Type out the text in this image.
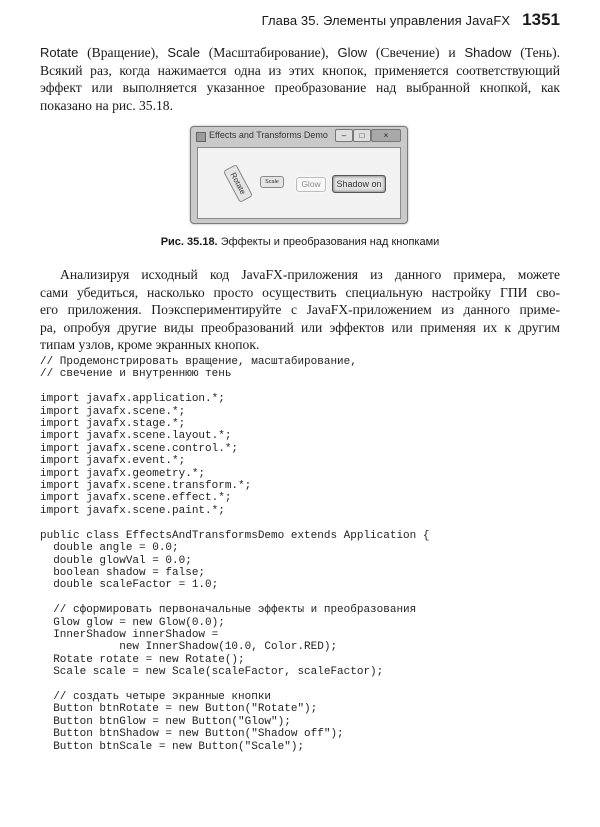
Глава 35. Элементы управления JavaFX 1351

Rotate (Вращение), Scale (Масштабирование), Glow (Свечение) и Shadow (Тень).
Всякий раз, когда нажимается одна из этих кнопок, применяется соответствующий
эффект или выполняется указанное преобразование над выбранной кнопкой, как
показано на рис. 35.18.

Effects and Transforms Demo	–	□	×
Rotate	Scale	Glow	Shadow on
Рис. 35.18. Эффекты и преобразования над кнопками

Анализируя исходный код JavaFX-приложения из данного примера, можете
сами убедиться, насколько просто осуществить специальную настройку ГПИ сво-
его приложения. Поэкспериментируйте с JavaFX-приложением из данного приме-
ра, опробуя другие виды преобразований или эффектов или применяя их к другим
типам узлов, кроме экранных кнопок.

// Продемонстрировать вращение, масштабирование,
// свечение и внутреннюю тень

import javafx.application.*;
import javafx.scene.*;
import javafx.stage.*;
import javafx.scene.layout.*;
import javafx.scene.control.*;
import javafx.event.*;
import javafx.geometry.*;
import javafx.scene.transform.*;
import javafx.scene.effect.*;
import javafx.scene.paint.*;

public class EffectsAndTransformsDemo extends Application {
double angle = 0.0;
double glowVal = 0.0;
boolean shadow = false;
double scaleFactor = 1.0;

// сформировать первоначальные эффекты и преобразования
Glow glow = new Glow(0.0);
InnerShadow innerShadow =
new InnerShadow(10.0, Color.RED);
Rotate rotate = new Rotate();
Scale scale = new Scale(scaleFactor, scaleFactor);

// создать четыре экранные кнопки
Button btnRotate = new Button("Rotate");
Button btnGlow = new Button("Glow");
Button btnShadow = new Button("Shadow off");
Button btnScale = new Button("Scale");
